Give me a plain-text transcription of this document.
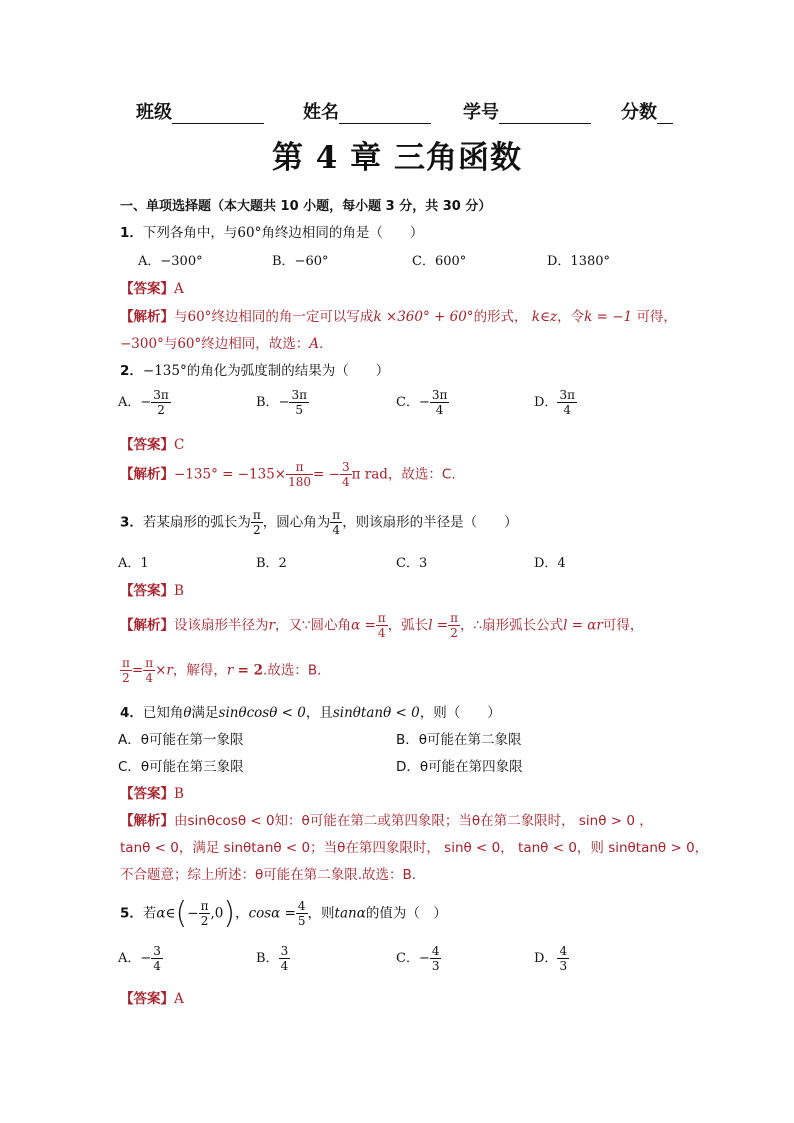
班级	姓名	学号	分数
第 4 章 三角函数
一、单项选择题（本大题共 10 小题，每小题 3 分，共 30 分）
1．下列各角中，与60°角终边相同的角是（　　）
A．−300°	B．−60°	C．600°	D．1380°
【答案】A
【解析】与60°终边相同的角一定可以写成k ×360° + 60°的形式， k∈z，令k = −1 可得，
−300°与60°终边相同，故选：A.
2．−135°的角化为弧度制的结果为（　　）
A．− $\frac{3\pi}{2}$	B．− $\frac{3\pi}{5}$	C．− $\frac{3\pi}{4}$	D． $\frac{3\pi}{4}$
【答案】C
【解析】$-135^\circ = -135\times \frac{\pi}{180}$ = − $\frac{3}{4}$ π rad，故选：C.
3．若某扇形的弧长为 $\frac{\pi}{2}$ ，圆心角为 $\frac{\pi}{4}$ ，则该扇形的半径是（　　）
A．1	B．2	C．3	D．4
【答案】B
【解析】设该扇形半径为r，又∵圆心角$\alpha = \frac{\pi}{4}$ ，弧长$l = \frac{\pi}{2}$ ，∴扇形弧长公式l = αr可得，
$\frac{\pi}{2} = \frac{\pi}{4} \times r$，解得，r = 2.故选：B.
4．已知角θ满足sinθcosθ < 0，且sinθtanθ < 0，则（　　）
A．θ可能在第一象限	B．θ可能在第二象限
C．θ可能在第三象限	D．θ可能在第四象限
【答案】B
【解析】由sinθcosθ < 0知：θ可能在第二或第四象限；当θ在第二象限时， sinθ > 0 ，
tanθ < 0，满足 sinθtanθ < 0；当θ在第四象限时， sinθ < 0， tanθ < 0，则 sinθtanθ > 0，
不合题意；综上所述：θ可能在第二象限.故选：B.
5．若α∈(− $\frac{\pi}{2} ,0$)，$\cos\alpha = \frac{4}{5}$ ，则tanα的值为（　）
A．− $\frac{3}{4}$	B． $\frac{3}{4}$	C．− $\frac{4}{3}$	D． $\frac{4}{3}$
【答案】A
